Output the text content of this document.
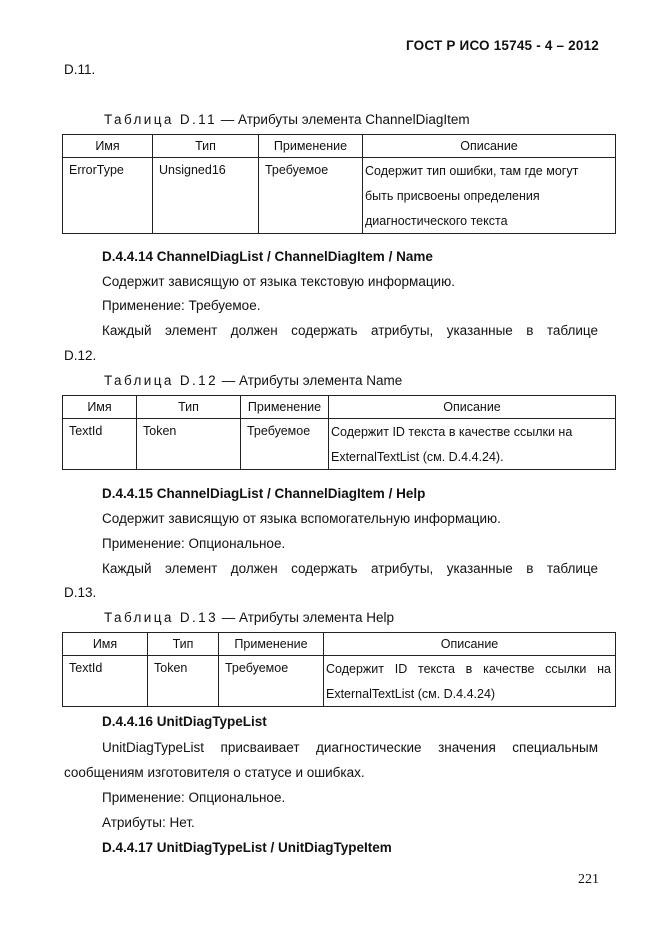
ГОСТ Р ИСО 15745 - 4 – 2012
D.11.
Таблица D.11 — Атрибуты элемента ChannelDiagItem
Имя	Тип	Применение	Описание

ErrorType	Unsigned16	Требуемое	Содержит тип ошибки, там где могут
быть присвоены определения
диагностического текста
D.4.4.14 ChannelDiagList / ChannelDiagItem / Name
Содержит зависящую от языка текстовую информацию.
Применение: Требуемое.
Каждый элемент должен содержать атрибуты, указанные в таблице
D.12.
Таблица D.12 — Атрибуты элемента Name
Имя	Тип	Применение	Описание

TextId	Token	Требуемое	Содержит ID текста в качестве ссылки на
ExternalTextList (см. D.4.4.24).
D.4.4.15 ChannelDiagList / ChannelDiagItem / Help
Содержит зависящую от языка вспомогательную информацию.
Применение: Опциональное.
Каждый элемент должен содержать атрибуты, указанные в таблице
D.13.
Таблица D.13 — Атрибуты элемента Help
Имя	Тип	Применение	Описание

TextId	Token	Требуемое	Содержит ID текста в качестве ссылки на
ExternalTextList (см. D.4.4.24)
D.4.4.16 UnitDiagTypeList
UnitDiagTypeList присваивает диагностические значения специальным
сообщениям изготовителя о статусе и ошибках.
Применение: Опциональное.
Атрибуты: Нет.
D.4.4.17 UnitDiagTypeList / UnitDiagTypeItem
221
